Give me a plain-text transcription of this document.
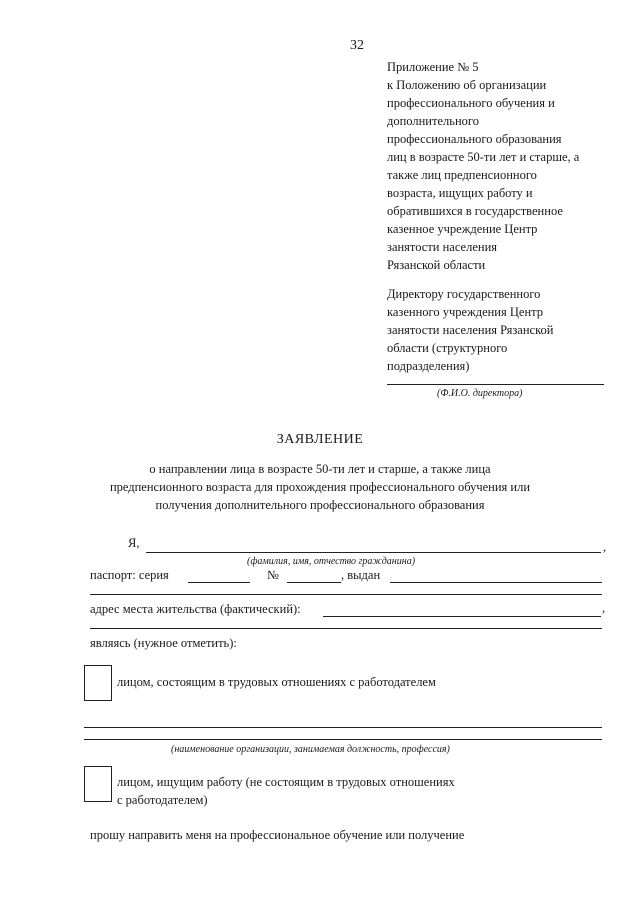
32
Приложение № 5
к Положению об организации
профессионального обучения и
дополнительного
профессионального образования
лиц в возрасте 50-ти лет и старше, а
также лиц предпенсионного
возраста, ищущих работу и
обратившихся в государственное
казенное учреждение Центр
занятости населения
Рязанской области
Директору государственного
казенного учреждения Центр
занятости населения Рязанской
области (структурного
подразделения)
(Ф.И.О. директора)
ЗАЯВЛЕНИЕ
о направлении лица в возрасте 50-ти лет и старше, а также лица
предпенсионного возраста для прохождения профессионального обучения или
получения дополнительного профессионального образования
Я,	,
(фамилия, имя, отчество гражданина)
паспорт: серия	№	, выдан
адрес места жительства (фактический):	,
являясь (нужное отметить):
лицом, состоящим в трудовых отношениях с работодателем
(наименование организации, занимаемая должность, профессия)
лицом, ищущим работу (не состоящим в трудовых отношениях
с работодателем)
прошу направить меня на профессиональное обучение или получение
